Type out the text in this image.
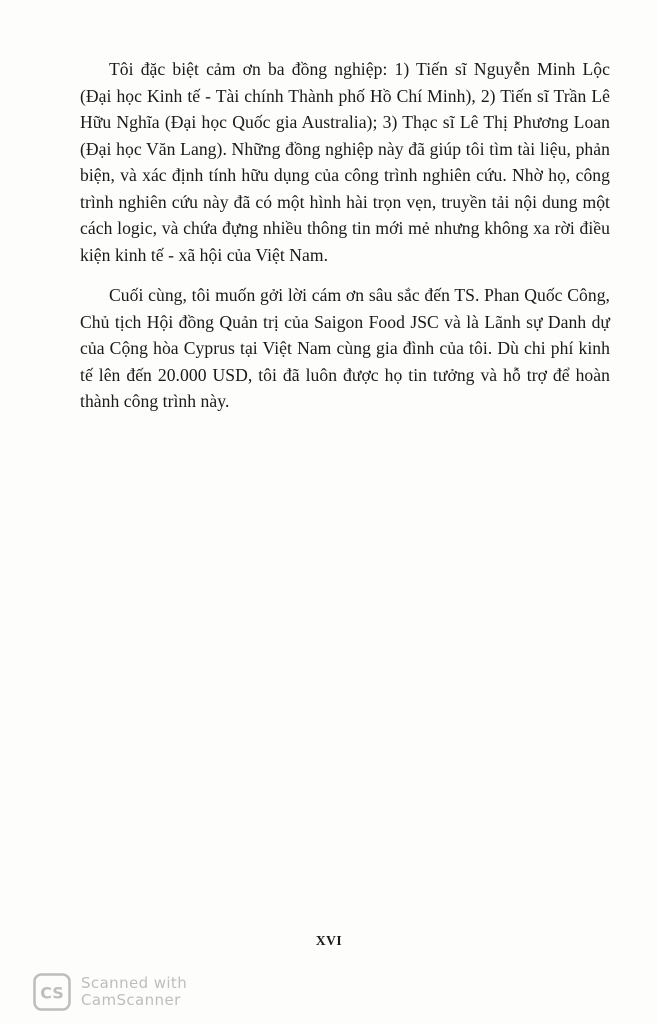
Tôi đặc biệt cảm ơn ba đồng nghiệp: 1) Tiến sĩ Nguyễn Minh Lộc (Đại học Kinh tế - Tài chính Thành phố Hồ Chí Minh), 2) Tiến sĩ Trần Lê Hữu Nghĩa (Đại học Quốc gia Australia); 3) Thạc sĩ Lê Thị Phương Loan (Đại học Văn Lang). Những đồng nghiệp này đã giúp tôi tìm tài liệu, phản biện, và xác định tính hữu dụng của công trình nghiên cứu. Nhờ họ, công trình nghiên cứu này đã có một hình hài trọn vẹn, truyền tải nội dung một cách logic, và chứa đựng nhiều thông tin mới mẻ nhưng không xa rời điều kiện kinh tế - xã hội của Việt Nam.

Cuối cùng, tôi muốn gởi lời cám ơn sâu sắc đến TS. Phan Quốc Công, Chủ tịch Hội đồng Quản trị của Saigon Food JSC và là Lãnh sự Danh dự của Cộng hòa Cyprus tại Việt Nam cùng gia đình của tôi. Dù chi phí kinh tế lên đến 20.000 USD, tôi đã luôn được họ tin tưởng và hỗ trợ để hoàn thành công trình này.

XVI
CS
Scanned with
CamScanner
